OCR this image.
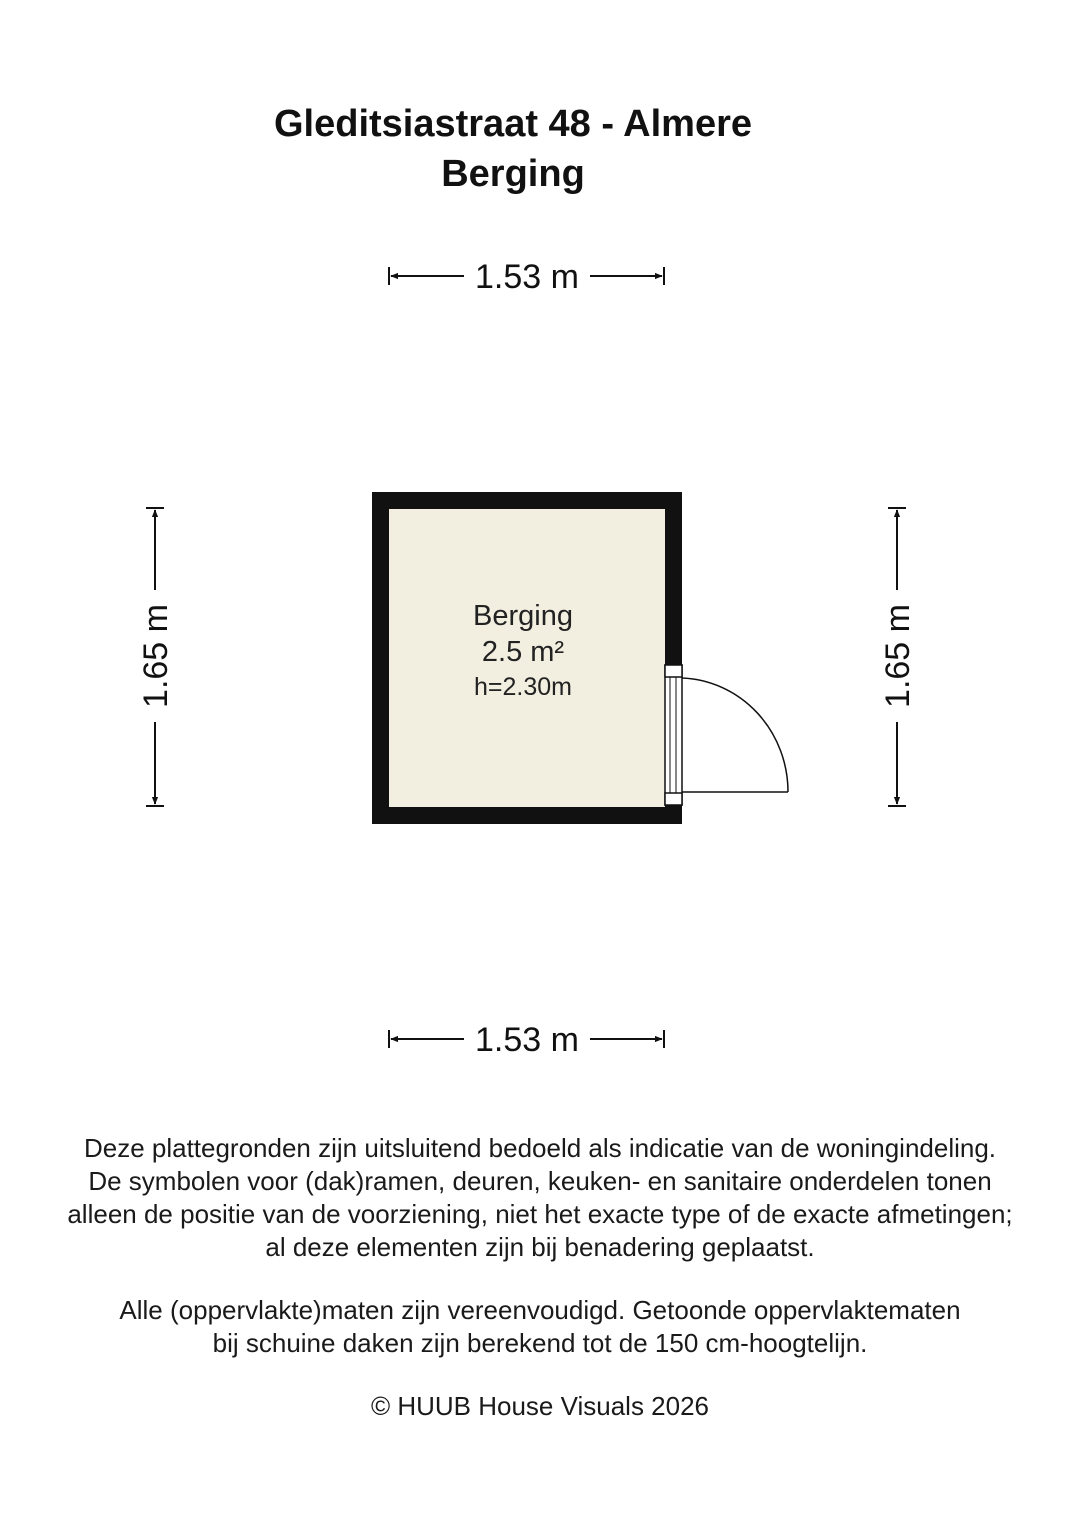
Gleditsiastraat 48 - Almere
Berging
1.53 m
1.53 m
1.65 m	1.65 m
Berging
2.5 m²
h=2.30m

Deze plattegronden zijn uitsluitend bedoeld als indicatie van de woningindeling.

De symbolen voor (dak)ramen, deuren, keuken- en sanitaire onderdelen tonen

alleen de positie van de voorziening, niet het exacte type of de exacte afmetingen;

al deze elementen zijn bij benadering geplaatst.

Alle (oppervlakte)maten zijn vereenvoudigd. Getoonde oppervlaktematen

bij schuine daken zijn berekend tot de 150 cm-hoogtelijn.

© HUUB House Visuals 2026
